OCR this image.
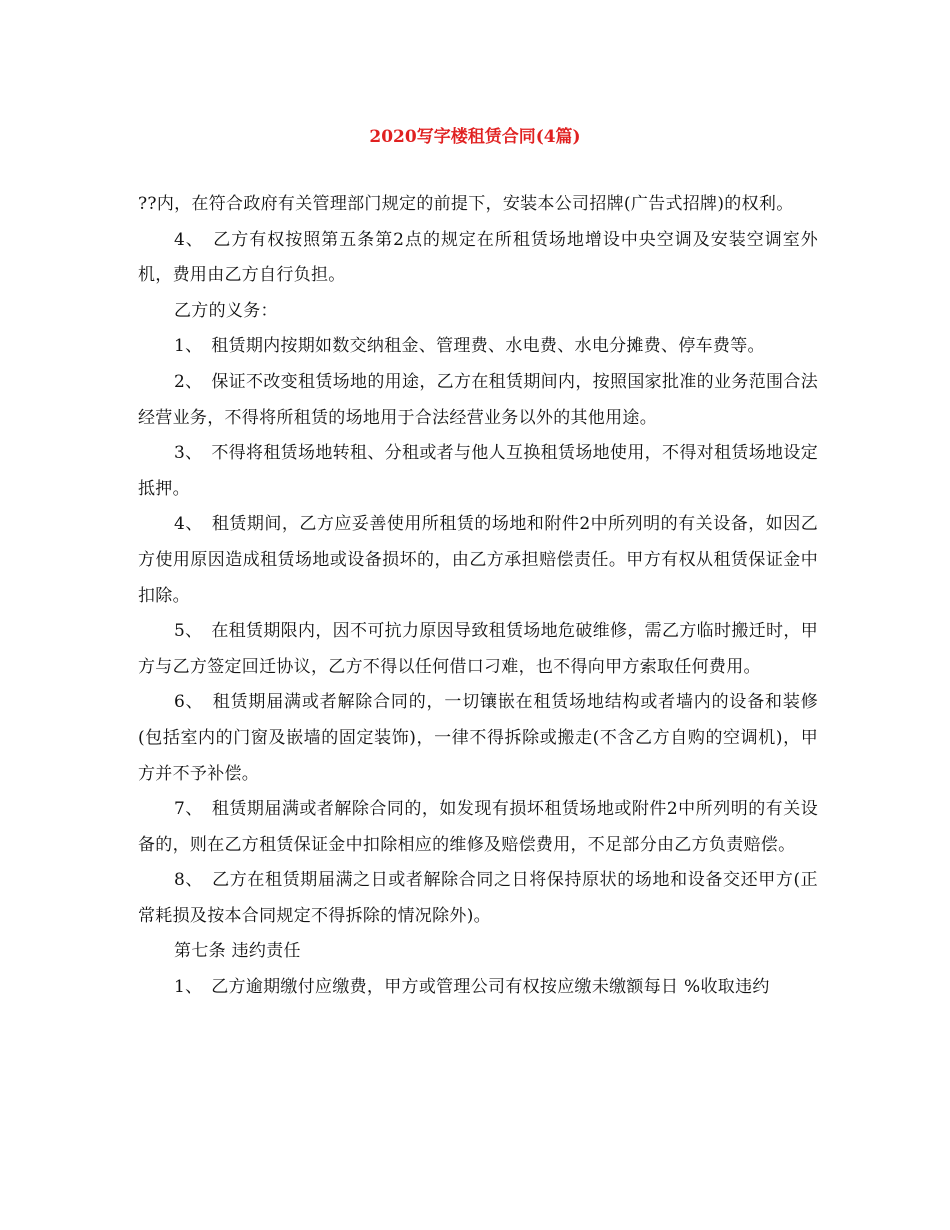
2020写字楼租赁合同(4篇)

??内，在符合政府有关管理部门规定的前提下，安装本公司招牌(广告式招牌)的权利。

4、　乙方有权按照第五条第2点的规定在所租赁场地增设中央空调及安装空调室外机，费用由乙方自行负担。

乙方的义务：

1、　租赁期内按期如数交纳租金、管理费、水电费、水电分摊费、停车费等。

2、　保证不改变租赁场地的用途，乙方在租赁期间内，按照国家批准的业务范围合法经营业务，不得将所租赁的场地用于合法经营业务以外的其他用途。

3、　不得将租赁场地转租、分租或者与他人互换租赁场地使用，不得对租赁场地设定抵押。

4、　租赁期间，乙方应妥善使用所租赁的场地和附件2中所列明的有关设备，如因乙方使用原因造成租赁场地或设备损坏的，由乙方承担赔偿责任。甲方有权从租赁保证金中扣除。

5、　在租赁期限内，因不可抗力原因导致租赁场地危破维修，需乙方临时搬迁时，甲方与乙方签定回迁协议，乙方不得以任何借口刁难，也不得向甲方索取任何费用。

6、　租赁期届满或者解除合同的，一切镶嵌在租赁场地结构或者墙内的设备和装修(包括室内的门窗及嵌墙的固定装饰)，一律不得拆除或搬走(不含乙方自购的空调机)，甲方并不予补偿。

7、　租赁期届满或者解除合同的，如发现有损坏租赁场地或附件2中所列明的有关设备的，则在乙方租赁保证金中扣除相应的维修及赔偿费用，不足部分由乙方负责赔偿。

8、　乙方在租赁期届满之日或者解除合同之日将保持原状的场地和设备交还甲方(正常耗损及按本合同规定不得拆除的情况除外)。

第七条 违约责任

1、　乙方逾期缴付应缴费，甲方或管理公司有权按应缴未缴额每日 %收取违约
